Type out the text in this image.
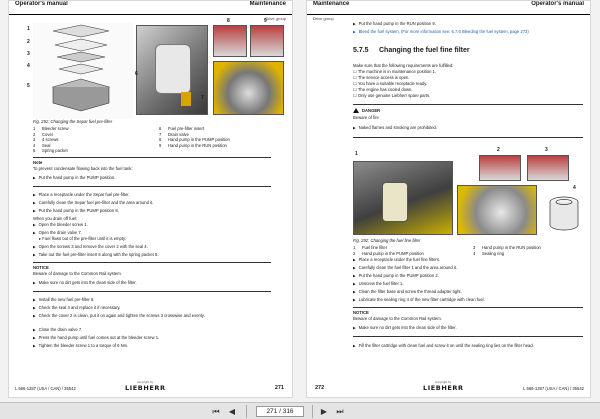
Operator's manual	Maintenance
Drive group
1
2
3
4
5
6
7
8	9
Fig. 291: Changing the Separ fuel pre-filter
1 Bleeder screw
2 Cover
3 4 screws
4 Seal
5 Spring packet
6 Fuel pre-filter insert
7 Drain valve
8 Hand pump in the PUMP position
9 Hand pump in the RUN position
Note
To prevent condensate flowing back into the fuel tank:
▶ Put the hand pump in the PUMP position.
▶ Place a receptacle under the Separ fuel pre-filter.
▶ Carefully clean the Separ fuel pre-filter and the area around it.
▶ Put the hand pump in the PUMP position 8.
When you drain off fuel:
▶ Open the bleeder screw 1.
▶ Open the drain valve 7.
▸ Fuel flows out of the pre-filter until it is empty.
▶ Open the screws 3 and remove the cover 2 with the seal 4.
▶ Take out the fuel pre-filter insert 6 along with the spring packet 5.
NOTICE
Beware of damage to the Common Rail system.
▶ Make sure no dirt gets into the clean side of the filter.
▶ Install the new fuel pre-filter 6.
▶ Check the seal 4 and replace it if necessary.
▶ Check the cover 2 is clean, put it on again and tighten the screws 3 crosswise and evenly.
▶ Close the drain valve 7.
▶ Press the hand pump until fuel comes out at the bleeder screw 1.
▶ Tighten the bleeder screw 1 to a torque of 6 Nm.
L 566-1287 (USA / CAN) / 35542
copyright by
LIEBHERR	271
Maintenance	Operator's manual
Drive group
▶ Put the hand pump in the RUN position 9.
▶ Bleed the fuel system, (For more information see: 5.7.6 Bleeding the fuel system, page 273)
5.7.5 Changing the fuel fine filter
Make sure that the following requirements are fulfilled:
☐ The machine is in maintenance position 1.
☐ The service access is open.
☐ You have a suitable receptacle ready.
☐ The engine has cooled down.
☐ Only use genuine Liebherr spare parts.
DANGER
Beware of fire
▶ Naked flames and smoking are prohibited.
1
2	3
4
Fig. 292: Changing the fuel fine filter
1 Fuel fine filter
2 Hand pump in the PUMP position
3 Hand pump in the RUN position
4 Sealing ring
▶ Place a receptacle under the fuel fine filters.
▶ Carefully clean the fuel filter 1 and the area around it.
▶ Put the hand pump in the PUMP position 2.
▶ Unscrew the fuel filter 1.
▶ Clean the filter base and screw the thread adapter tight.
▶ Lubricate the sealing ring 4 of the new filter cartridge with clean fuel.
NOTICE
Beware of damage to the Common Rail system.
▶ Make sure no dirt gets into the clean side of the filter.
▶ Fill the filter cartridge with clean fuel and screw it on until the sealing ring lies on the filter head.
272
copyright by
LIEBHERR	L 566-1287 (USA / CAN) / 35542
⏮	◀	271 / 316	▶	⏭
